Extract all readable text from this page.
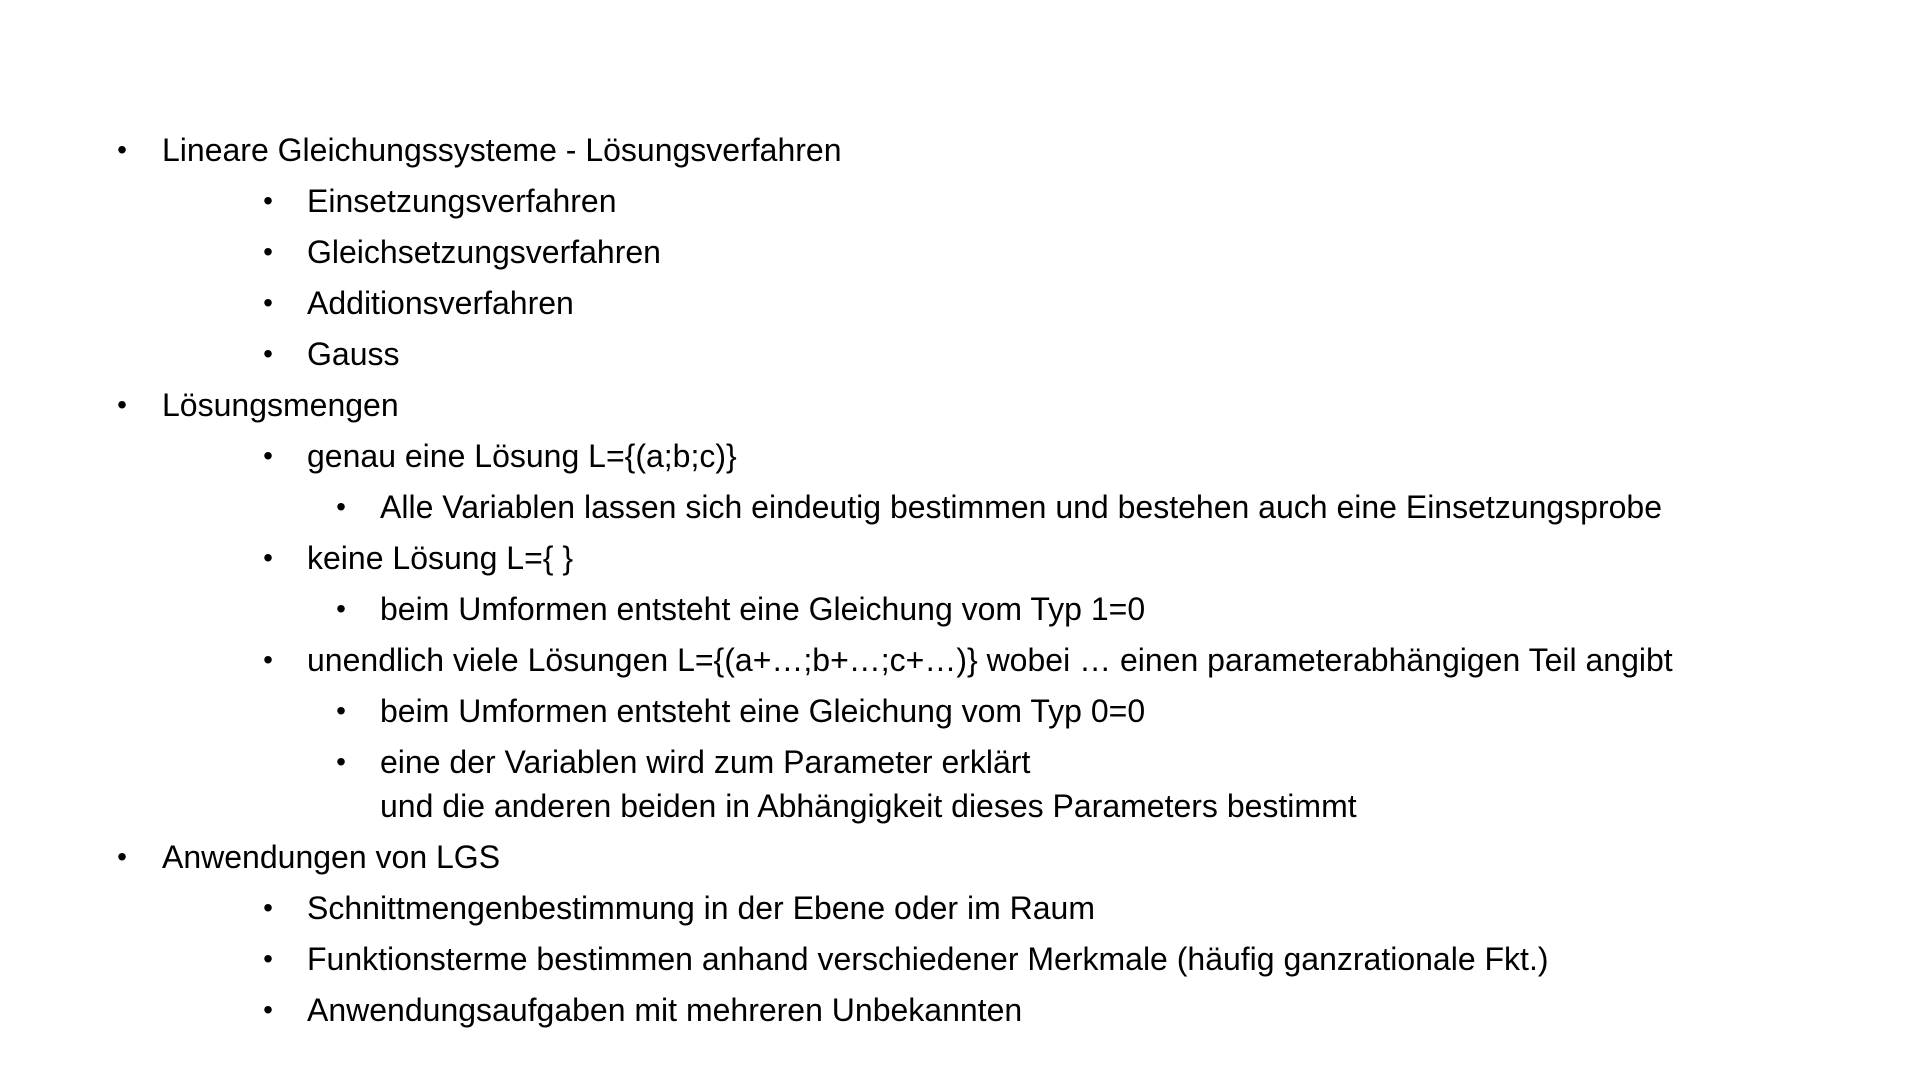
• Lineare Gleichungssysteme - Lösungsverfahren
• Einsetzungsverfahren
• Gleichsetzungsverfahren
• Additionsverfahren
• Gauss
• Lösungsmengen
• genau eine Lösung L={(a;b;c)}
• Alle Variablen lassen sich eindeutig bestimmen und bestehen auch eine Einsetzungsprobe
• keine Lösung L={ }
• beim Umformen entsteht eine Gleichung vom Typ 1=0
• unendlich viele Lösungen L={(a+…;b+…;c+…)} wobei … einen parameterabhängigen Teil angibt
• beim Umformen entsteht eine Gleichung vom Typ 0=0
• eine der Variablen wird zum Parameter erklärt
und die anderen beiden in Abhängigkeit dieses Parameters bestimmt
• Anwendungen von LGS
• Schnittmengenbestimmung in der Ebene oder im Raum
• Funktionsterme bestimmen anhand verschiedener Merkmale (häufig ganzrationale Fkt.)
• Anwendungsaufgaben mit mehreren Unbekannten
